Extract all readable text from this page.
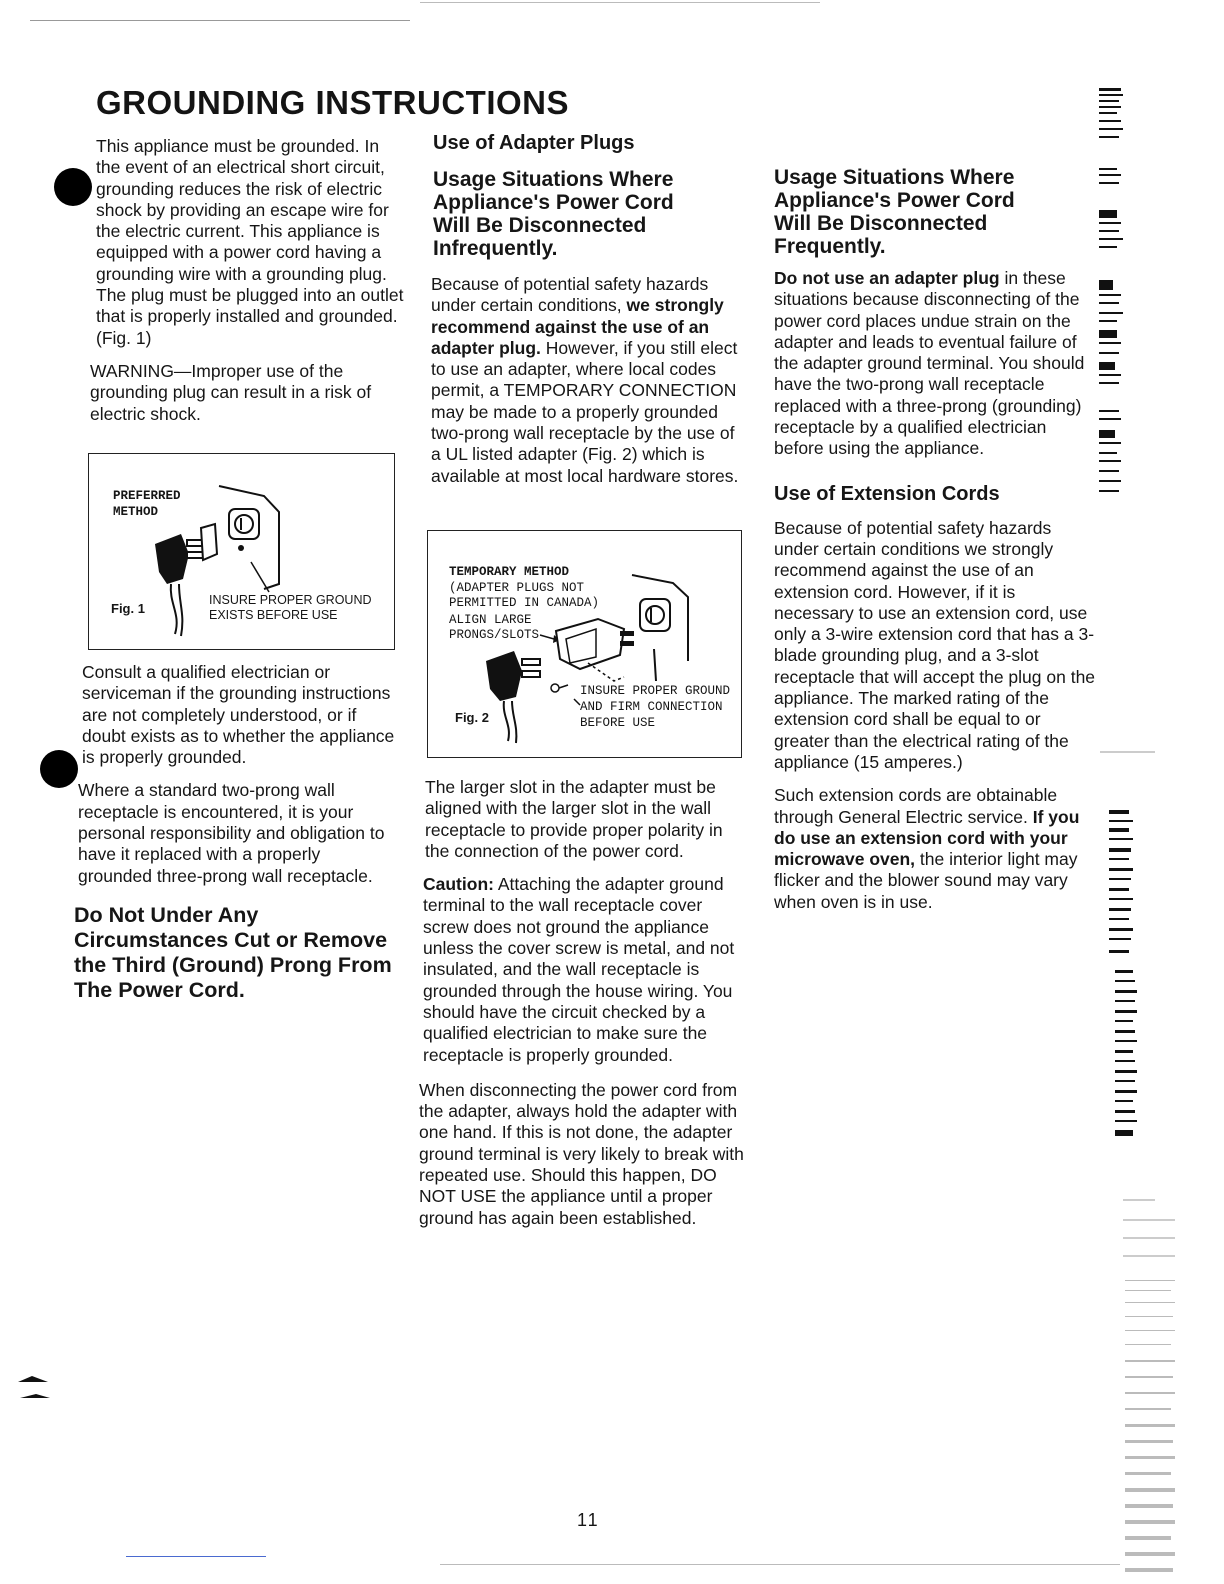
GROUNDING INSTRUCTIONS

This appliance must be grounded. In the event of an electrical short circuit, grounding reduces the risk of electric shock by providing an escape wire for the electric current. This appliance is equipped with a power cord having a grounding wire with a grounding plug. The plug must be plugged into an outlet that is properly installed and grounded. (Fig. 1)

WARNING—Improper use of the grounding plug can result in a risk of electric shock.

PREFERRED
METHOD
Fig. 1
INSURE PROPER GROUND
EXISTS BEFORE USE

Consult a qualified electrician or serviceman if the grounding instructions are not completely understood, or if doubt exists as to whether the appliance is properly grounded.

Where a standard two-prong wall receptacle is encountered, it is your personal responsibility and obligation to have it replaced with a properly grounded three-prong wall receptacle.

Do Not Under Any Circumstances Cut or Remove the Third (Ground) Prong From The Power Cord.
Use of Adapter Plugs
Usage Situations Where Appliance's Power Cord Will Be Disconnected Infrequently.

Because of potential safety hazards under certain conditions, we strongly recommend against the use of an adapter plug. However, if you still elect to use an adapter, where local codes permit, a TEMPORARY CONNECTION may be made to a properly grounded two-prong wall receptacle by the use of a UL listed adapter (Fig. 2) which is available at most local hardware stores.

TEMPORARY METHOD
(ADAPTER PLUGS NOT
PERMITTED IN CANADA)
ALIGN LARGE
PRONGS/SLOTS
Fig. 2
INSURE PROPER GROUND
AND FIRM CONNECTION
BEFORE USE

The larger slot in the adapter must be aligned with the larger slot in the wall receptacle to provide proper polarity in the connection of the power cord.

Caution: Attaching the adapter ground terminal to the wall receptacle cover screw does not ground the appliance unless the cover screw is metal, and not insulated, and the wall receptacle is grounded through the house wiring. You should have the circuit checked by a qualified electrician to make sure the receptacle is properly grounded.

When disconnecting the power cord from the adapter, always hold the adapter with one hand. If this is not done, the adapter ground terminal is very likely to break with repeated use. Should this happen, DO NOT USE the appliance until a proper ground has again been established.

Usage Situations Where Appliance's Power Cord Will Be Disconnected Frequently.

Do not use an adapter plug in these situations because disconnecting of the power cord places undue strain on the adapter and leads to eventual failure of the adapter ground terminal. You should have the two-prong wall receptacle replaced with a three-prong (grounding) receptacle by a qualified electrician before using the appliance.

Use of Extension Cords

Because of potential safety hazards under certain conditions we strongly recommend against the use of an extension cord. However, if it is necessary to use an extension cord, use only a 3-wire extension cord that has a 3-blade grounding plug, and a 3-slot receptacle that will accept the plug on the appliance. The marked rating of the extension cord shall be equal to or greater than the electrical rating of the appliance (15 amperes.)

Such extension cords are obtainable through General Electric service. If you do use an extension cord with your microwave oven, the interior light may flicker and the blower sound may vary when oven is in use.

11
